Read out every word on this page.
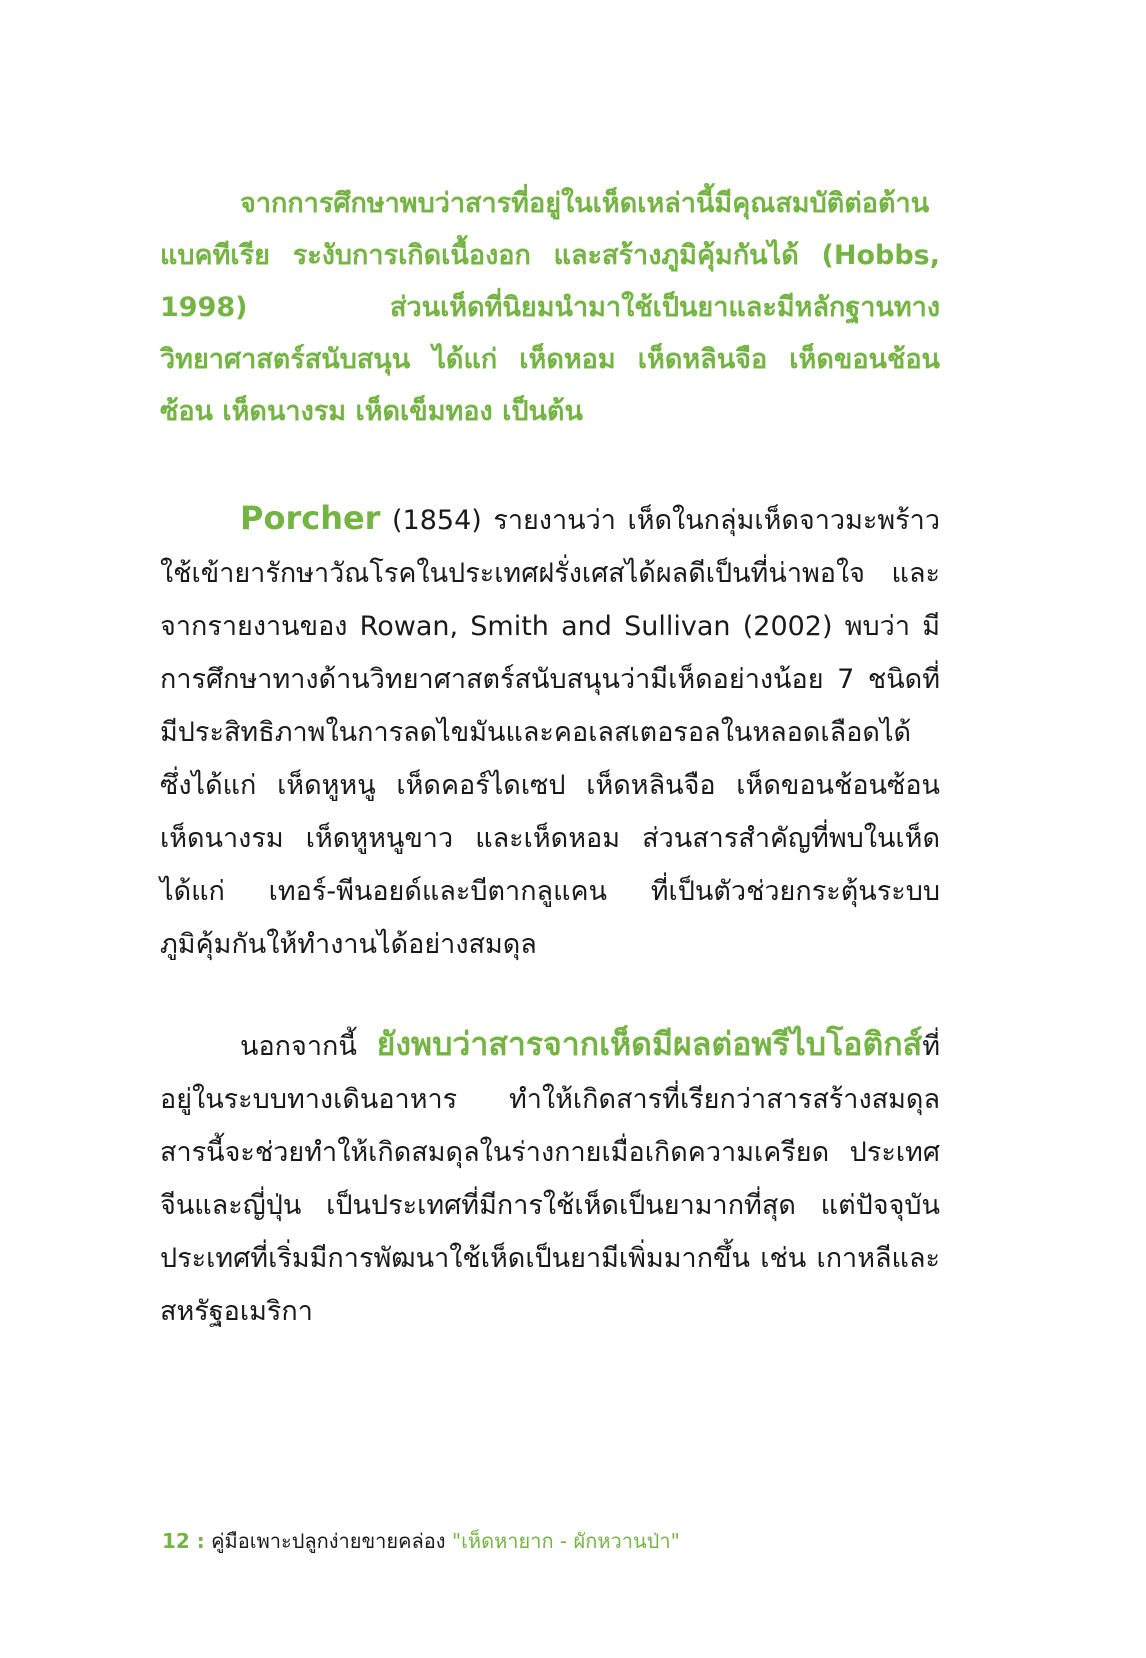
จากการศึกษาพบว่าสารที่อยู่ในเห็ดเหล่านี้มีคุณสมบัติต่อต้านแบคทีเรีย ระงับการเกิดเนื้องอก และสร้างภูมิคุ้มกันได้ (Hobbs, 1998) ส่วนเห็ดที่นิยมนำมาใช้เป็นยาและมีหลักฐานทางวิทยาศาสตร์สนับสนุน ได้แก่ เห็ดหอม เห็ดหลินจือ เห็ดขอนช้อนซ้อน เห็ดนางรม เห็ดเข็มทอง เป็นต้น

Porcher (1854) รายงานว่า เห็ดในกลุ่มเห็ดจาวมะพร้าว ใช้เข้ายารักษาวัณโรคในประเทศฝรั่งเศสได้ผลดีเป็นที่น่าพอใจ และจากรายงานของ Rowan, Smith and Sullivan (2002) พบว่า มีการศึกษาทางด้านวิทยาศาสตร์สนับสนุนว่ามีเห็ดอย่างน้อย 7 ชนิดที่มีประสิทธิภาพในการลดไขมันและคอเลสเตอรอลในหลอดเลือดได้ ซึ่งได้แก่ เห็ดหูหนู เห็ดคอร์ไดเซป เห็ดหลินจือ เห็ดขอนช้อนซ้อน เห็ดนางรม เห็ดหูหนูขาว และเห็ดหอม ส่วนสารสำคัญที่พบในเห็ด ได้แก่ เทอร์-พีนอยด์และบีตากลูแคน ที่เป็นตัวช่วยกระตุ้นระบบภูมิคุ้มกันให้ทำงานได้อย่างสมดุล

นอกจากนี้ ยังพบว่าสารจากเห็ดมีผลต่อพรีไบโอติกส์ที่อยู่ในระบบทางเดินอาหาร ทำให้เกิดสารที่เรียกว่าสารสร้างสมดุล สารนี้จะช่วยทำให้เกิดสมดุลในร่างกายเมื่อเกิดความเครียด ประเทศจีนและญี่ปุ่น เป็นประเทศที่มีการใช้เห็ดเป็นยามากที่สุด แต่ปัจจุบันประเทศที่เริ่มมีการพัฒนาใช้เห็ดเป็นยามีเพิ่มมากขึ้น เช่น เกาหลีและสหรัฐอเมริกา

12 : คู่มือเพาะปลูกง่ายขายคล่อง "เห็ดหายาก - ผักหวานป่า"
